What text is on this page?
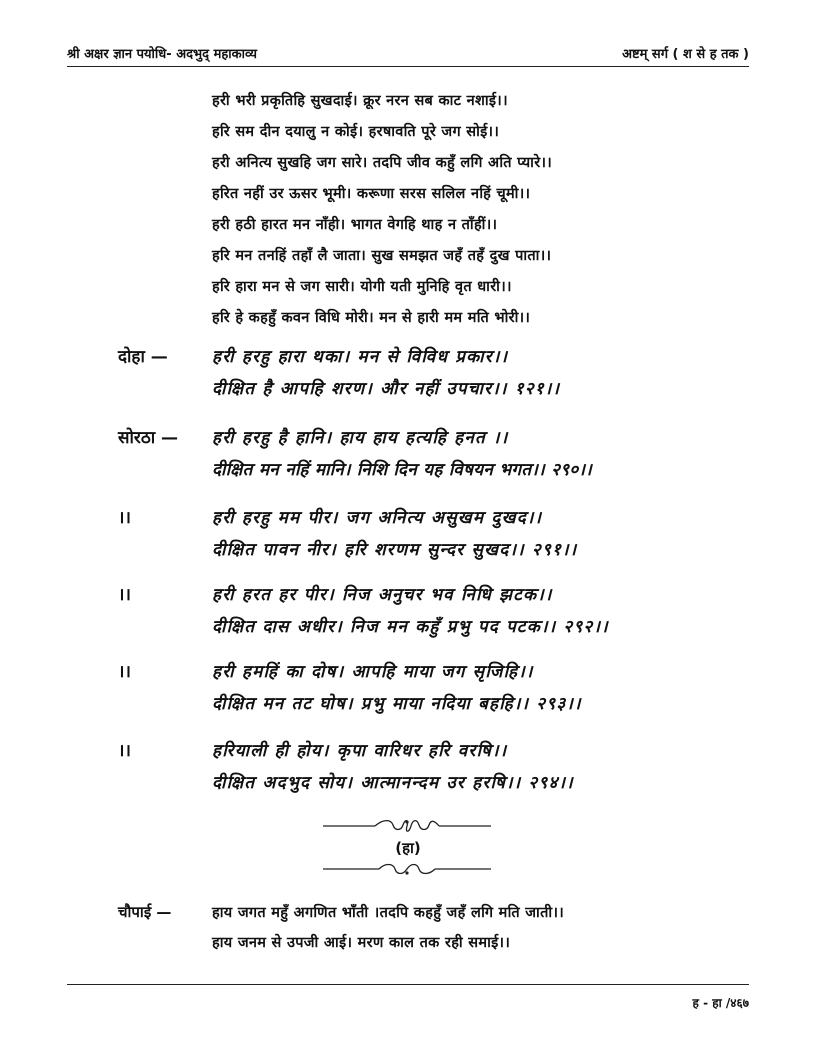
श्री अक्षर ज्ञान पयोधि- अदभुद् महाकाव्य	अष्टम् सर्ग ( श से ह तक )
हरी भरी प्रकृतिहि सुखदाई। क्रूर नरन सब काट नशाई।।
हरि सम दीन दयालु न कोई। हरषावति पूरे जग सोई।।
हरी अनित्य सुखहि जग सारे। तदपि जीव कहुँ लगि अति प्यारे।।
हरित नहीं उर ऊसर भूमी। करूणा सरस सलिल नहिं चूमी।।
हरी हठी हारत मन नाँही। भागत वेगहि थाह न ताँहीं।।
हरि मन तनहिं तहाँ लै जाता। सुख समझत जहँ तहँ दुख पाता।।
हरि हारा मन से जग सारी। योगी यती मुनिहि वृत धारी।।
हरि हे कहहुँ कवन विधि मोरी। मन से हारी मम मति भोरी।।
दोहा —	हरी हरहु हारा थका। मन से विविध प्रकार।।
दीक्षित है आपहि शरण। और नहीं उपचार।। १२१।।
सोरठा — हरी हरहु है हानि। हाय हाय हत्यहि हनत ।।
दीक्षित मन नहिं मानि। निशि दिन यह विषयन भगत।। २९०।।
।।	हरी हरहु मम पीर। जग अनित्य असुखम दुखद।।
दीक्षित पावन नीर। हरि शरणम सुन्दर सुखद।। २९१।।
।।	हरी हरत हर पीर। निज अनुचर भव निधि झटक।।
दीक्षित दास अधीर। निज मन कहुँ प्रभु पद पटक।। २९२।।
।।	हरी हमहिं का दोष। आपहि माया जग सृजिहि।।
दीक्षित मन तट घोष। प्रभु माया नदिया बहहि।। २९३।।
।।	हरियाली ही होय। कृपा वारिधर हरि वरषि।।
दीक्षित अदभुद सोय। आत्मानन्दम उर हरषि।। २९४।।
(हा)
चौपाई —	हाय जगत महुँ अगणित भाँती ।तदपि कहहुँ जहँ लगि मति जाती।।
हाय जनम से उपजी आई। मरण काल तक रही समाई।।
ह - हा /४६७
